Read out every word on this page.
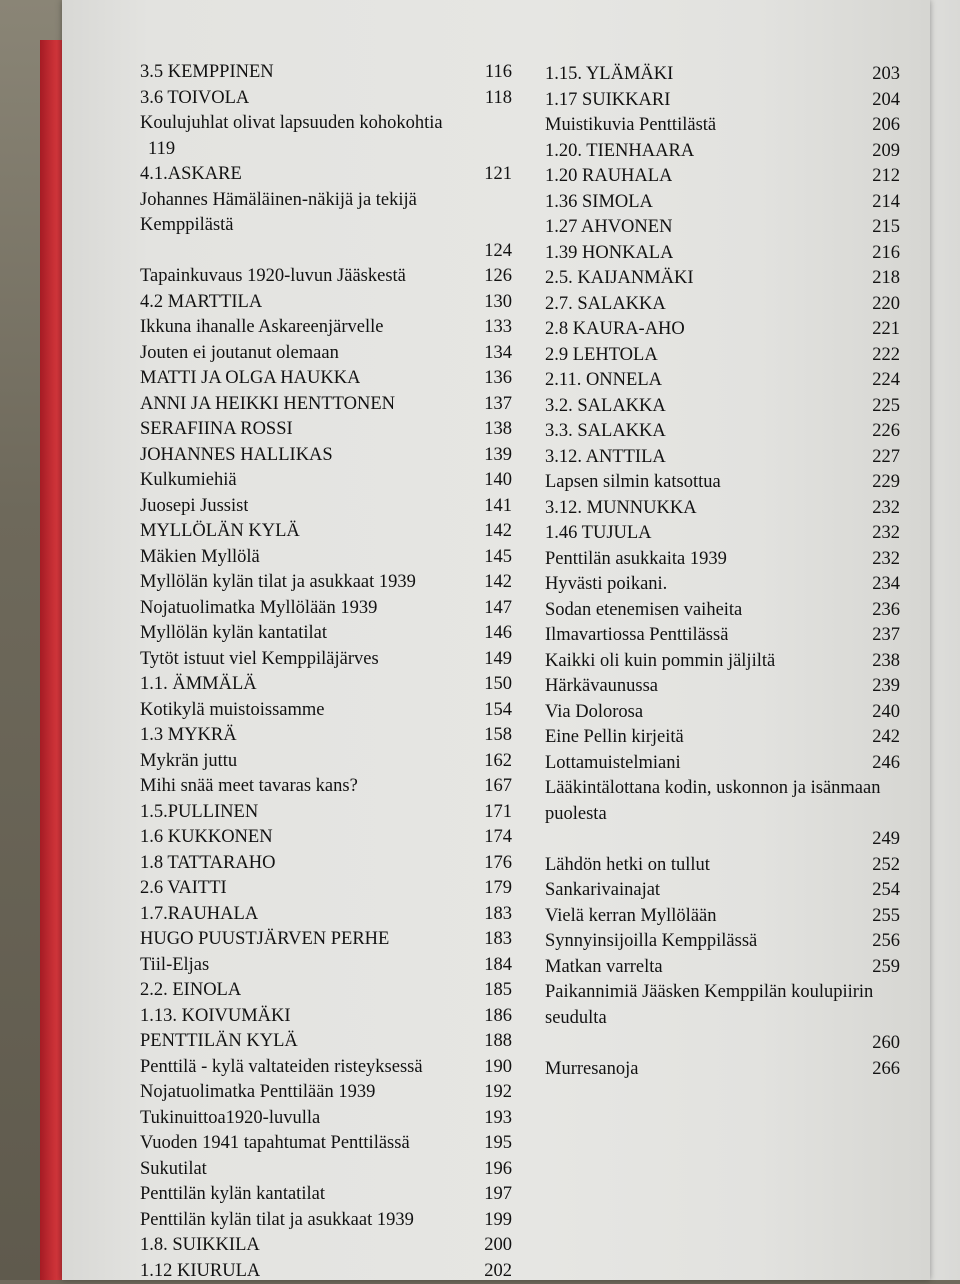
3.5 KEMPPINEN	116
3.6 TOIVOLA	118
Koulujuhlat olivat lapsuuden kohokohtia
119
4.1.ASKARE	121
Johannes Hämäläinen-näkijä ja tekijä Kemppilästä
124
Tapainkuvaus 1920-luvun Jääskestä	126
4.2 MARTTILA	130
Ikkuna ihanalle Askareenjärvelle	133
Jouten ei joutanut olemaan	134
MATTI JA OLGA HAUKKA	136
ANNI JA HEIKKI HENTTONEN	137
SERAFIINA ROSSI	138
JOHANNES HALLIKAS	139
Kulkumiehiä	140
Juosepi Jussist	141
MYLLÖLÄN KYLÄ	142
Mäkien Myllölä	145
Myllölän kylän tilat ja asukkaat 1939	142
Nojatuolimatka Myllölään 1939	147
Myllölän kylän kantatilat	146
Tytöt istuut viel Kemppiläjärves	149
1.1. ÄMMÄLÄ	150
Kotikylä muistoissamme	154
1.3 MYKRÄ	158
Mykrän juttu	162
Mihi snää meet tavaras kans?	167
1.5.PULLINEN	171
1.6 KUKKONEN	174
1.8 TATTARAHO	176
2.6 VAITTI	179
1.7.RAUHALA	183
HUGO PUUSTJÄRVEN PERHE	183
Tiil-Eljas	184
2.2. EINOLA	185
1.13. KOIVUMÄKI	186
PENTTILÄN KYLÄ	188
Penttilä - kylä valtateiden risteyksessä	190
Nojatuolimatka Penttilään 1939	192
Tukinuittoa1920-luvulla	193
Vuoden 1941 tapahtumat Penttilässä	195
Sukutilat	196
Penttilän kylän kantatilat	197
Penttilän kylän tilat ja asukkaat 1939	199
1.8. SUIKKILA	200
1.12 KIURULA	202
1.15. YLÄMÄKI	203
1.17 SUIKKARI	204
Muistikuvia Penttilästä	206
1.20. TIENHAARA	209
1.20 RAUHALA	212
1.36 SIMOLA	214
1.27 AHVONEN	215
1.39 HONKALA	216
2.5. KAIJANMÄKI	218
2.7. SALAKKA	220
2.8 KAURA-AHO	221
2.9 LEHTOLA	222
2.11. ONNELA	224
3.2. SALAKKA	225
3.3. SALAKKA	226
3.12. ANTTILA	227
Lapsen silmin katsottua	229
3.12. MUNNUKKA	232
1.46 TUJULA	232
Penttilän asukkaita 1939	232
Hyvästi poikani.	234
Sodan etenemisen vaiheita	236
Ilmavartiossa Penttilässä	237
Kaikki oli kuin pommin jäljiltä	238
Härkävaunussa	239
Via Dolorosa	240
Eine Pellin kirjeitä	242
Lottamuistelmiani	246
Lääkintälottana kodin, uskonnon ja isänmaan puolesta
249
Lähdön hetki on tullut	252
Sankarivainajat	254
Vielä kerran Myllölään	255
Synnyinsijoilla Kemppilässä	256
Matkan varrelta	259
Paikannimiä Jääsken Kemppilän koulupiirin seudulta
260
Murresanoja	266
